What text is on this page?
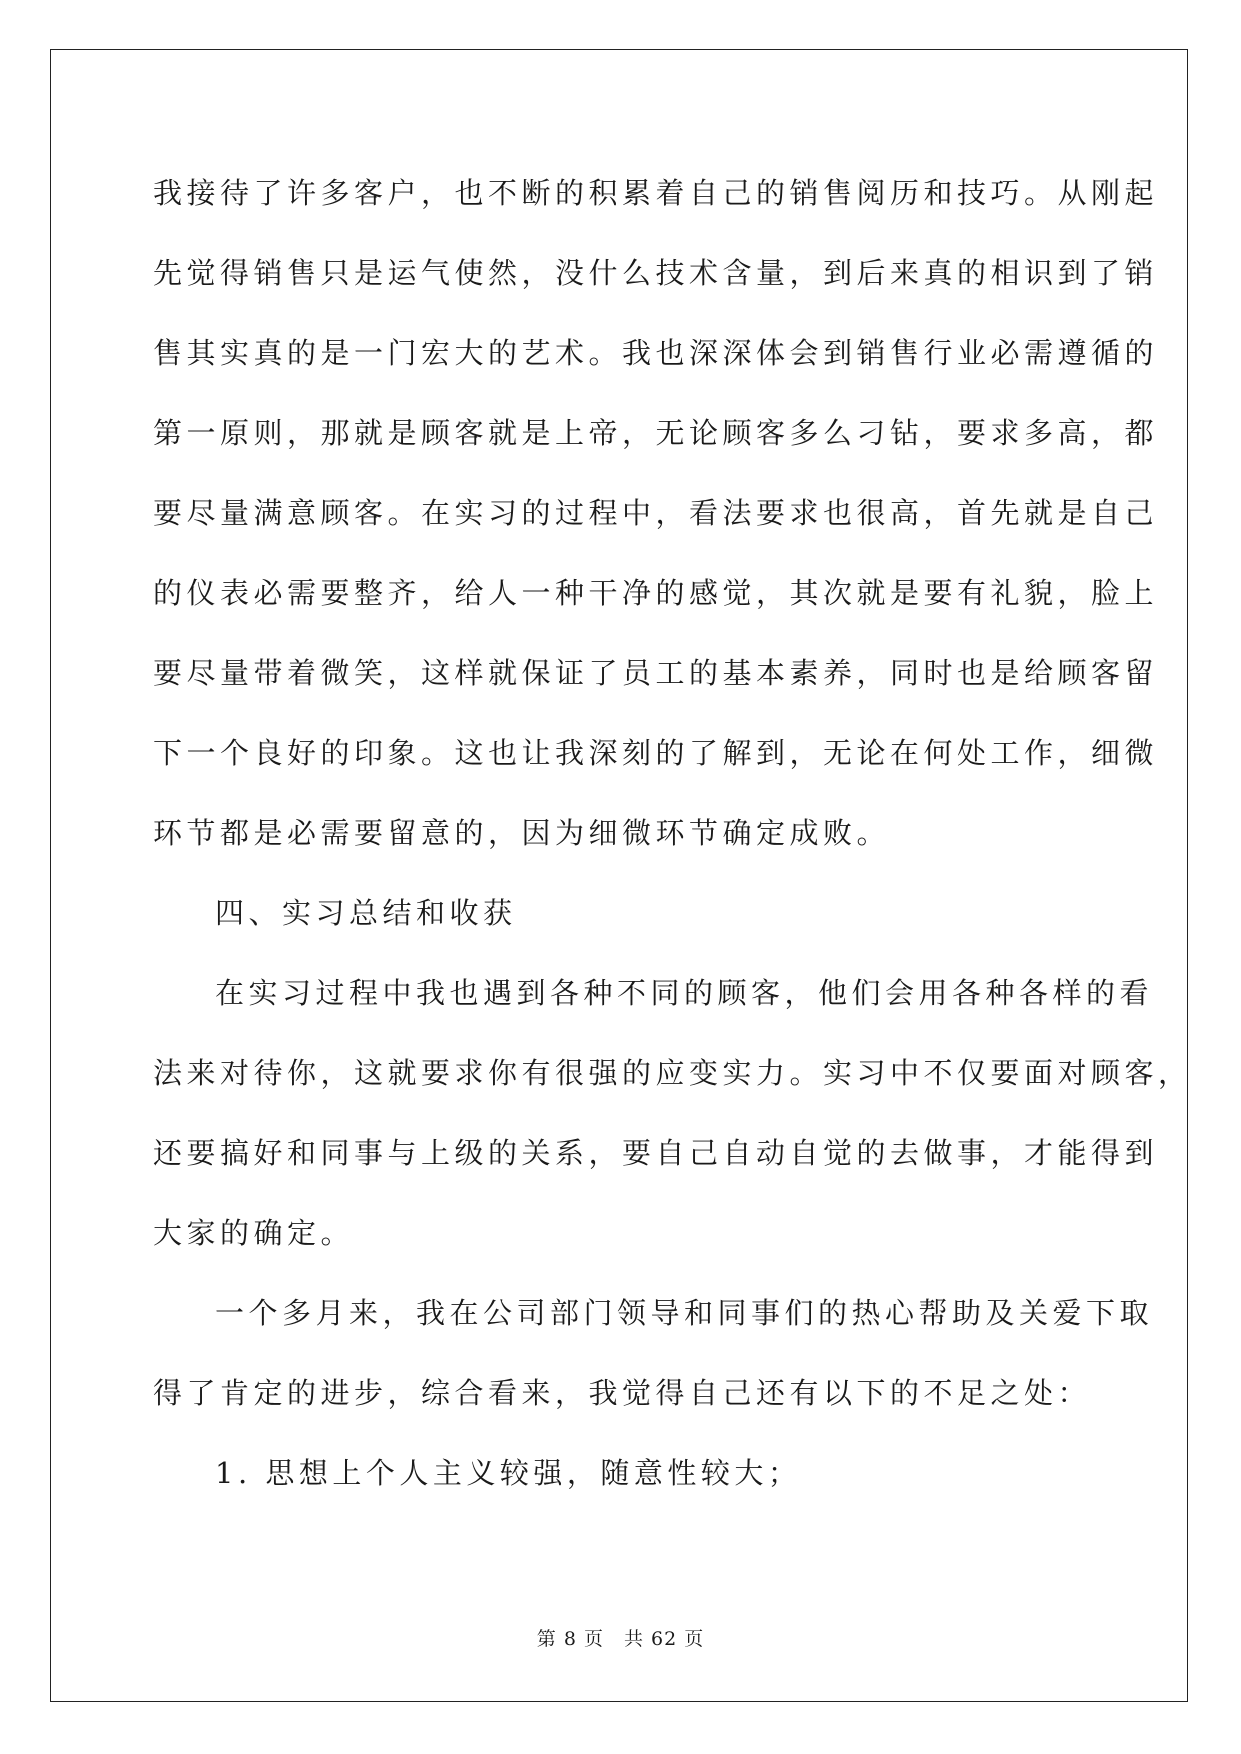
我接待了许多客户，也不断的积累着自己的销售阅历和技巧。从刚起
先觉得销售只是运气使然，没什么技术含量，到后来真的相识到了销
售其实真的是一门宏大的艺术。我也深深体会到销售行业必需遵循的
第一原则，那就是顾客就是上帝，无论顾客多么刁钻，要求多高，都
要尽量满意顾客。在实习的过程中，看法要求也很高，首先就是自己
的仪表必需要整齐，给人一种干净的感觉，其次就是要有礼貌，脸上
要尽量带着微笑，这样就保证了员工的基本素养，同时也是给顾客留
下一个良好的印象。这也让我深刻的了解到，无论在何处工作，细微
环节都是必需要留意的，因为细微环节确定成败。
四、实习总结和收获
在实习过程中我也遇到各种不同的顾客，他们会用各种各样的看
法来对待你，这就要求你有很强的应变实力。实习中不仅要面对顾客，
还要搞好和同事与上级的关系，要自己自动自觉的去做事，才能得到
大家的确定。
一个多月来，我在公司部门领导和同事们的热心帮助及关爱下取
得了肯定的进步，综合看来，我觉得自己还有以下的不足之处：
1. 思想上个人主义较强，随意性较大；
第 8 页　共 62 页
